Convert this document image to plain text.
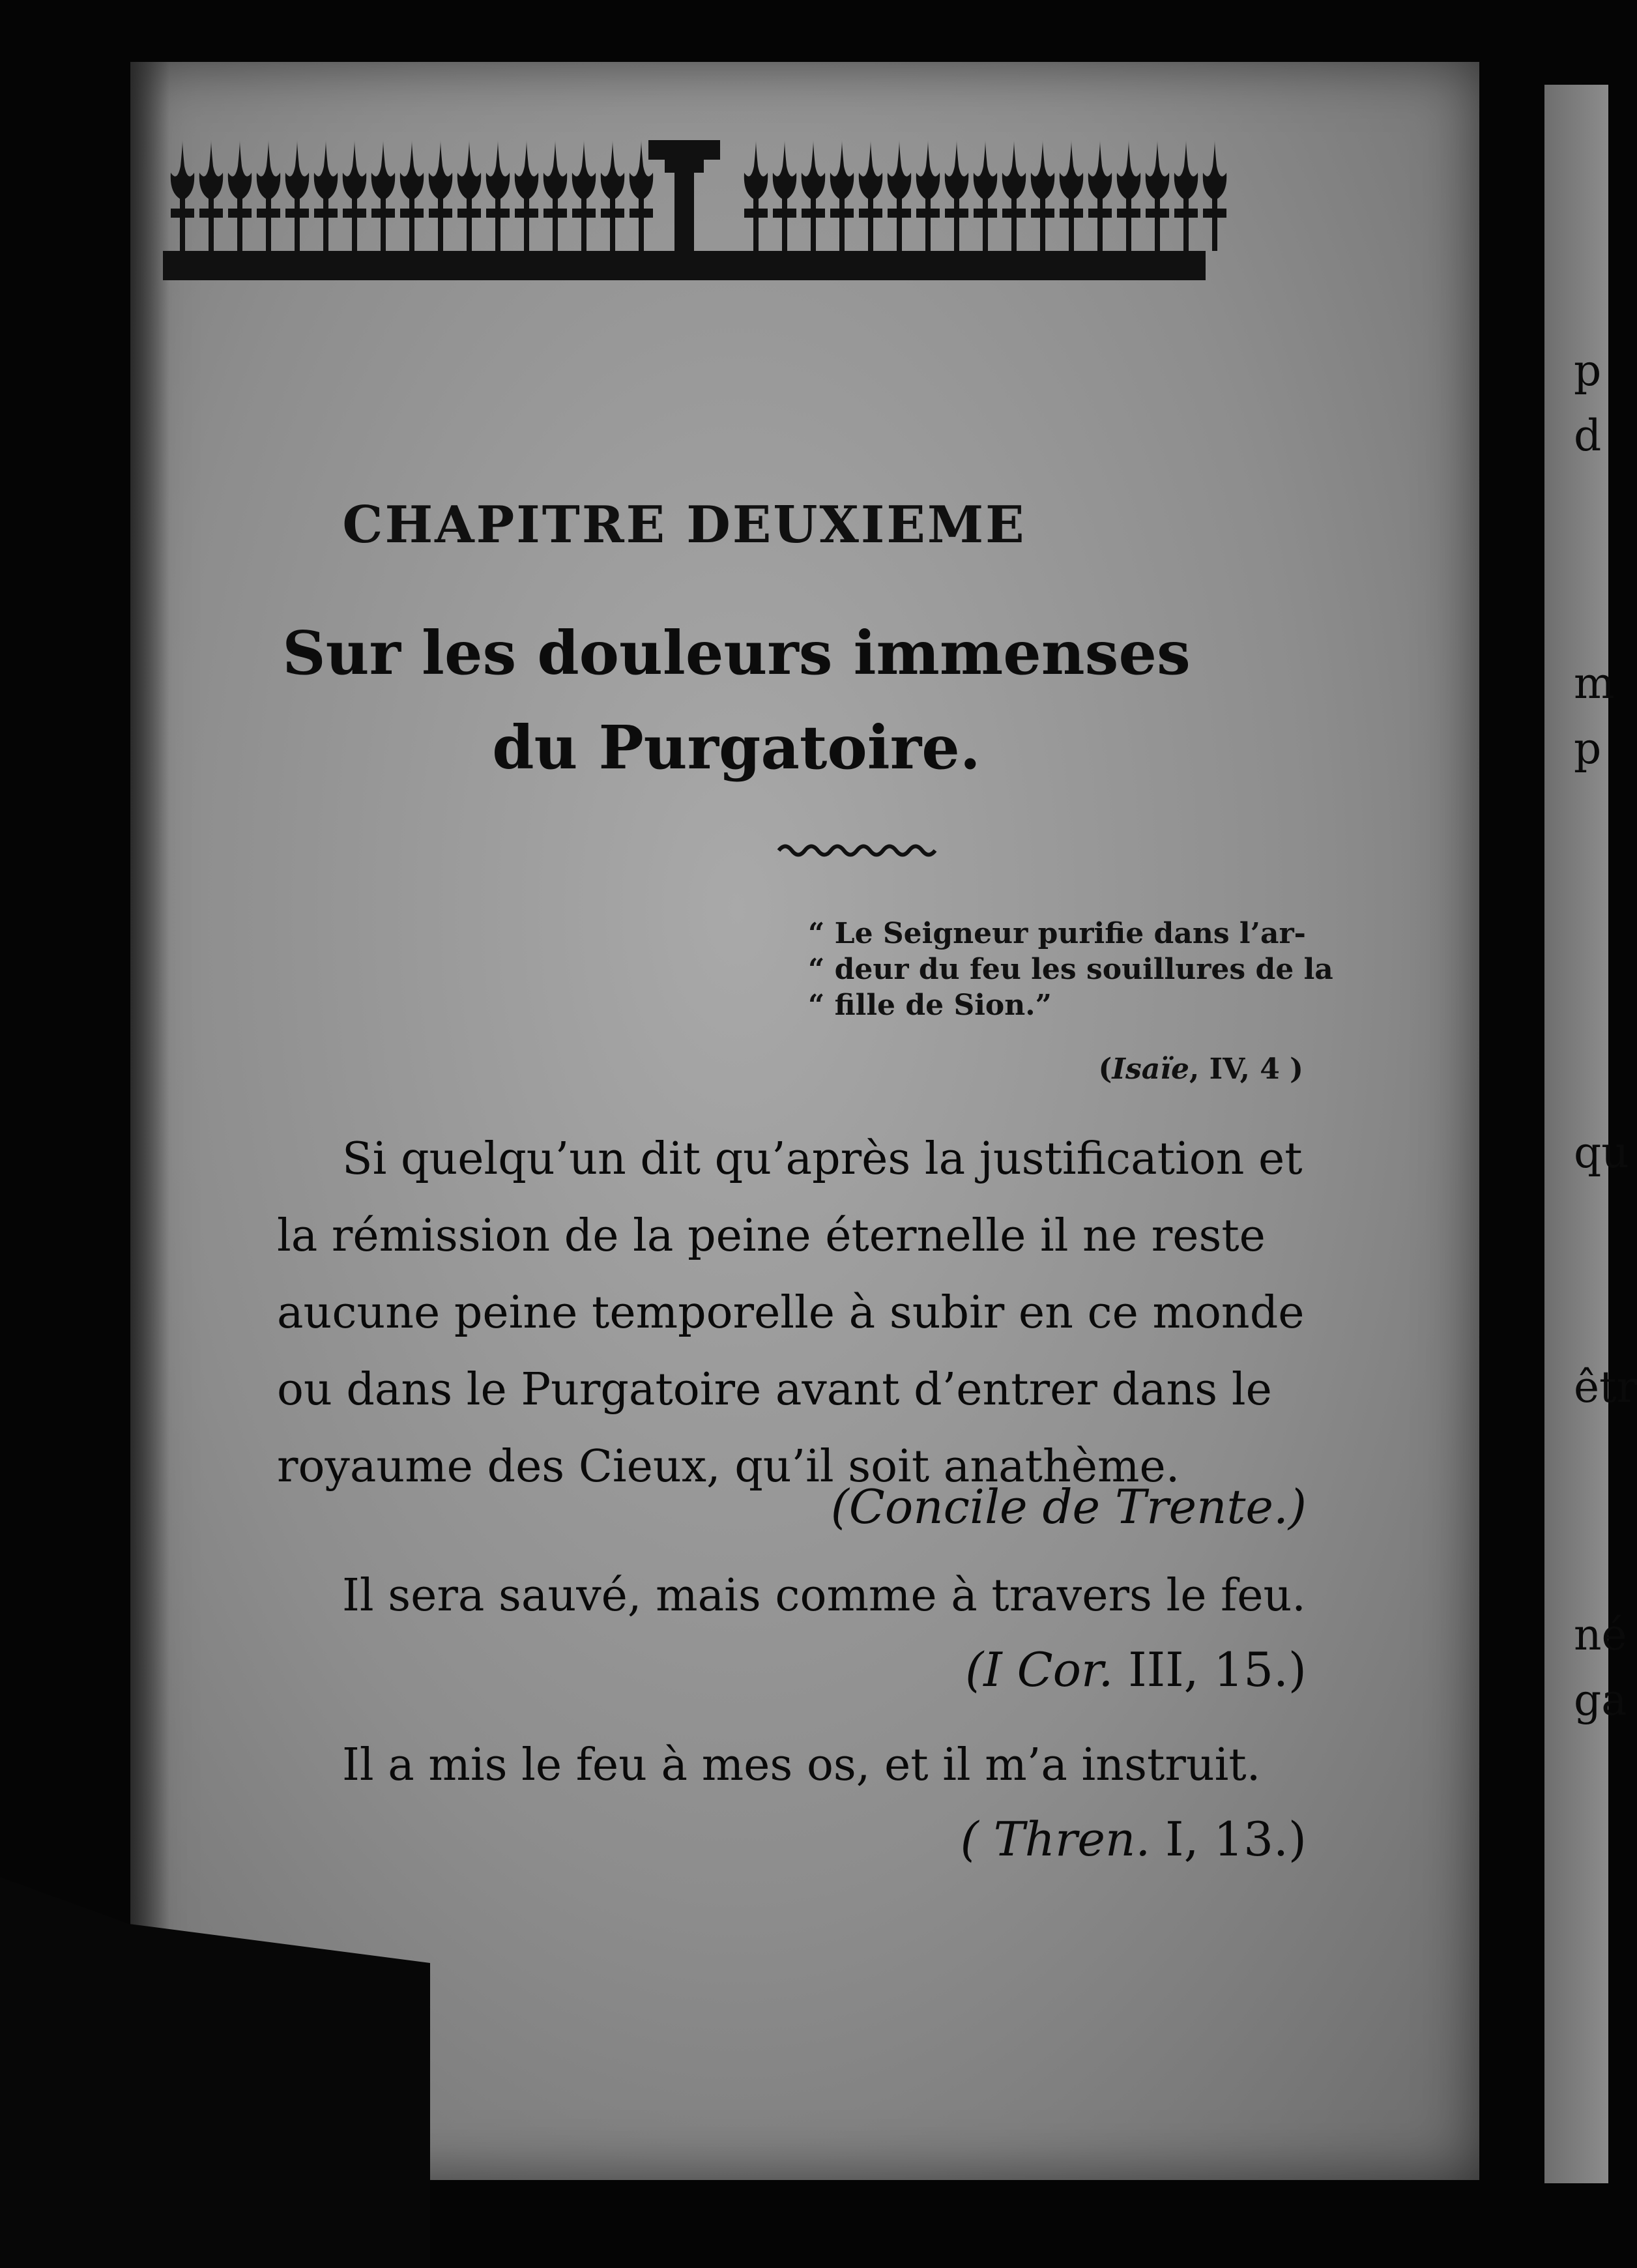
CHAPITRE DEUXIEME
Sur les douleurs immenses du Purgatoire.
“ Le Seigneur purifie dans l’ar-
“ deur du feu les souillures de la
“ fille de Sion.”
(Isaïe, IV, 4 )
Si quelqu’un dit qu’après la justification et
la rémission de la peine éternelle il ne reste
aucune peine temporelle à subir en ce monde
ou dans le Purgatoire avant d’entrer dans le
royaume des Cieux, qu’il soit anathème.
(Concile de Trente.)
Il sera sauvé, mais comme à travers le feu.
(I Cor. III, 15.)
Il a mis le feu à mes os, et il m’a instruit.
( Thren. I, 13.)
p
d
m
p
qu
êtr
né
ga
